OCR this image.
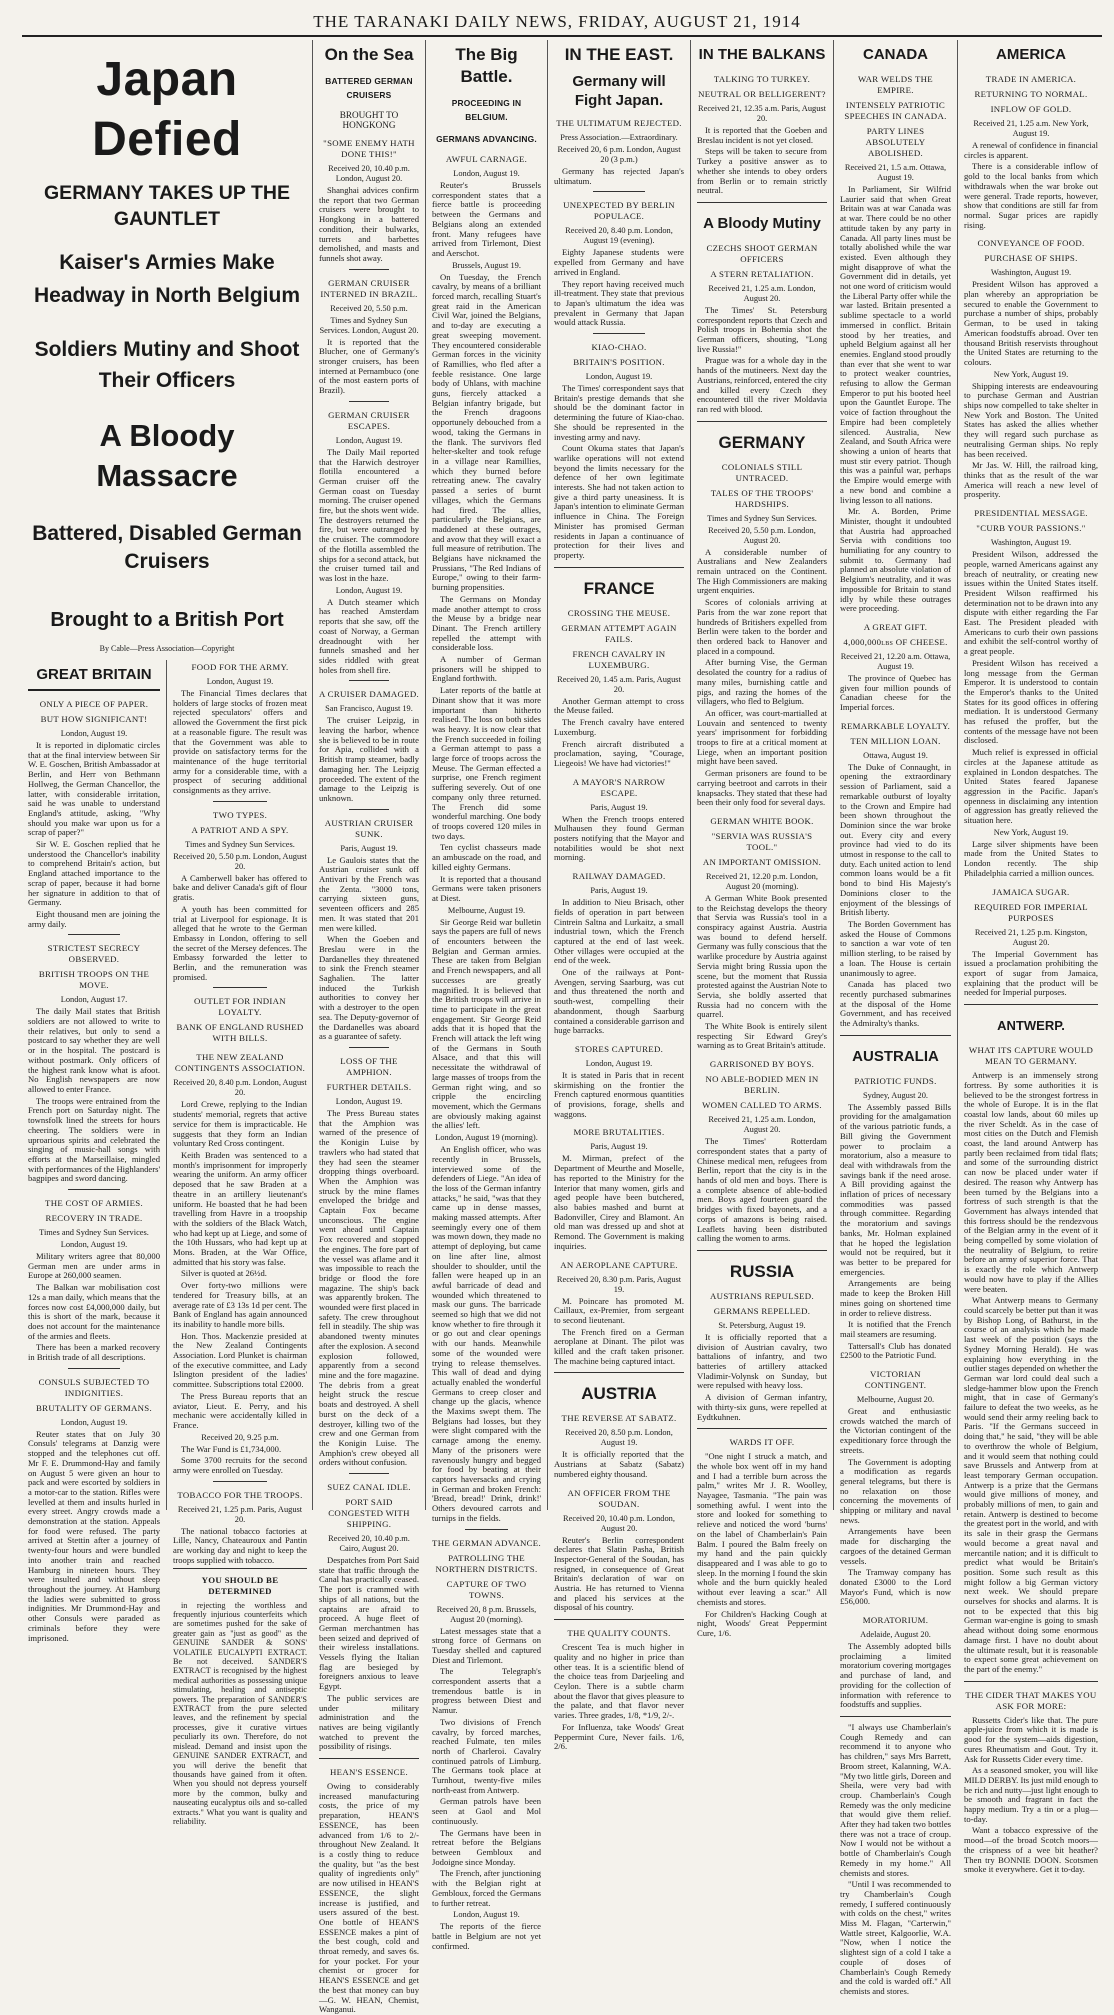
THE TARANAKI DAILY NEWS, FRIDAY, AUGUST 21, 1914
Japan Defied
GERMANY TAKES UP THE GAUNTLET
Kaiser's Armies Make Headway in North Belgium
Soldiers Mutiny and Shoot Their Officers
A Bloody Massacre
Battered, Disabled German Cruisers
Brought to a British Port
By Cable—Press Association—Copyright
GREAT BRITAIN
ONLY A PIECE OF PAPER.
BUT HOW SIGNIFICANT!
London, August 19.

It is reported in diplomatic circles that at the final interview between Sir W. E. Goschen, British Ambassador at Berlin, and Herr von Bethmann Hollweg, the German Chancellor, the latter, with considerable irritation, said he was unable to understand England's attitude, asking, "Why should you make war upon us for a scrap of paper?"

Sir W. E. Goschen replied that he understood the Chancellor's inability to comprehend Britain's action, but England attached importance to the scrap of paper, because it had borne her signature in addition to that of Germany.

Eight thousand men are joining the army daily.

STRICTEST SECRECY OBSERVED.
BRITISH TROOPS ON THE MOVE.
London, August 17.

The daily Mail states that British soldiers are not allowed to write to their relatives, but only to send a postcard to say whether they are well or in the hospital. The postcard is without postmark. Only officers of the highest rank know what is afoot. No English newspapers are now allowed to enter France.

The troops were entrained from the French port on Saturday night. The townsfolk lined the streets for hours cheering. The soldiers were in uproarious spirits and celebrated the singing of music-hall songs with efforts at the Marseillaise, mingled with performances of the Highlanders' bagpipes and sword dancing.

THE COST OF ARMIES.
RECOVERY IN TRADE.
Times and Sydney Sun Services.
London, August 19.

Military writers agree that 80,000 German men are under arms in Europe at 260,000 seamen.

The Balkan war mobilisation cost 12s a man daily, which means that the forces now cost £4,000,000 daily, but this is short of the mark, because it does not account for the maintenance of the armies and fleets.

There has been a marked recovery in British trade of all descriptions.

CONSULS SUBJECTED TO INDIGNITIES.
BRUTALITY OF GERMANS.
London, August 19.

Reuter states that on July 30 Consuls' telegrams at Danzig were stopped and the telephones cut off. Mr F. E. Drummond-Hay and family on August 5 were given an hour to pack and were escorted by soldiers in a motor-car to the station. Rifles were levelled at them and insults hurled in every street. Angry crowds made a demonstration at the station. Appeals for food were refused. The party arrived at Stettin after a journey of twenty-four hours and were bundled into another train and reached Hamburg in nineteen hours. They were insulted and without sleep throughout the journey. At Hamburg the ladies were submitted to gross indignities. Mr Drummond-Hay and other Consuls were paraded as criminals before they were imprisoned.

FOOD FOR THE ARMY.
London, August 19.

The Financial Times declares that holders of large stocks of frozen meat rejected speculators' offers and allowed the Government the first pick at a reasonable figure. The result was that the Government was able to provide on satisfactory terms for the maintenance of the huge territorial army for a considerable time, with a prospect of securing additional consignments as they arrive.

TWO TYPES.
A PATRIOT AND A SPY.
Times and Sydney Sun Services.
Received 20, 5.50 p.m. London, August 20.

A Camberwell baker has offered to bake and deliver Canada's gift of flour gratis.

A youth has been committed for trial at Liverpool for espionage. It is alleged that he wrote to the German Embassy in London, offering to sell the secret of the Mersey defences. The Embassy forwarded the letter to Berlin, and the remuneration was promised.

OUTLET FOR INDIAN LOYALTY.
BANK OF ENGLAND RUSHED WITH BILLS.
THE NEW ZEALAND CONTINGENTS ASSOCIATION.
Received 20, 8.40 p.m. London, August 20.

Lord Crewe, replying to the Indian students' memorial, regrets that active service for them is impracticable. He suggests that they form an Indian voluntary Red Cross contingent.

Keith Braden was sentenced to a month's imprisonment for improperly wearing the uniform. An army officer deposed that he saw Braden at a theatre in an artillery lieutenant's uniform. He boasted that he had been travelling from Havre in a troopship with the soldiers of the Black Watch, who had kept up at Liege, and some of the 10th Hussars, who had kept up at Mons. Braden, at the War Office, admitted that his story was false.

Silver is quoted at 26½d.

Over forty-two millions were tendered for Treasury bills, at an average rate of £3 13s 1d per cent. The Bank of England has again announced its inability to handle more bills.

Hon. Thos. Mackenzie presided at the New Zealand Contingents Association. Lord Plunket is chairman of the executive committee, and Lady Islington president of the ladies' committee. Subscriptions total £2000.

The Press Bureau reports that an aviator, Lieut. E. Perry, and his mechanic were accidentally killed in France.

Received 20, 9.25 p.m.

The War Fund is £1,734,000.

Some 3700 recruits for the second army were enrolled on Tuesday.

TOBACCO FOR THE TROOPS.
Received 21, 1.25 p.m. Paris, August 20.

The national tobacco factories at Lille, Nancy, Chateauroux and Pantin are working day and night to keep the troops supplied with tobacco.

YOU SHOULD BE DETERMINED

in rejecting the worthless and frequently injurious counterfeits which are sometimes pushed for the sake of greater gain as "just as good" as the GENUINE SANDER & SONS' VOLATILE EUCALYPTI EXTRACT. Be not deceived. SANDER'S EXTRACT is recognised by the highest medical authorities as possessing unique stimulating, healing and antiseptic powers. The preparation of SANDER'S EXTRACT from the pure selected leaves, and the refinement by special processes, give it curative virtues peculiarly its own. Therefore, do not mislead. Demand and insist upon the GENUINE SANDER EXTRACT, and you will derive the benefit that thousands have gained from it often. When you should not depress yourself more by the common, bulky and nauseating eucalyptus oils and so-called extracts." What you want is quality and reliability.

On the Sea
BATTERED GERMAN CRUISERS
BROUGHT TO HONGKONG
"SOME ENEMY HATH DONE THIS!"
Received 20, 10.40 p.m. London, August 20.

Shanghai advices confirm the report that two German cruisers were brought to Hongkong in a battered condition, their bulwarks, turrets and barbettes demolished, and masts and funnels shot away.

GERMAN CRUISER INTERNED IN BRAZIL.
Received 20, 5.50 p.m.
Times and Sydney Sun Services. London, August 20.

It is reported that the Blucher, one of Germany's stronger cruisers, has been interned at Pernambuco (one of the most eastern ports of Brazil).

GERMAN CRUISER ESCAPES.
London, August 19.

The Daily Mail reported that the Harwich destroyer flotilla encountered a German cruiser off the German coast on Tuesday morning. The cruiser opened fire, but the shots went wide. The destroyers returned the fire, but were outranged by the cruiser. The commodore of the flotilla assembled the ships for a second attack, but the cruiser turned tail and was lost in the haze.

London, August 19.

A Dutch steamer which has reached Amsterdam reports that she saw, off the coast of Norway, a German dreadnought with her funnels smashed and her sides riddled with great holes from shell fire.

A CRUISER DAMAGED.
San Francisco, August 19.

The cruiser Leipzig, in leaving the harbor, whence she is believed to be in route for Apia, collided with a British tramp steamer, badly damaging her. The Leipzig proceeded. The extent of the damage to the Leipzig is unknown.

AUSTRIAN CRUISER SUNK.
Paris, August 19.

Le Gaulois states that the Austrian cruiser sunk off Antivari by the French was the Zenta. "3000 tons, carrying sixteen guns, seventeen officers and 285 men. It was stated that 201 men were killed.

When the Goeben and Breslau were in the Dardanelles they threatened to sink the French steamer Saghalien. The latter induced the Turkish authorities to convey her with a destroyer to the open sea. The Deputy-governor of the Dardanelles was aboard as a guarantee of safety.

LOSS OF THE AMPHION.
FURTHER DETAILS.
London, August 19.

The Press Bureau states that the Amphion was warned of the presence of the Konigin Luise by trawlers who had stated that they had seen the steamer dropping things overboard. When the Amphion was struck by the mine flames enveloped the bridge and Captain Fox became unconscious. The engine went ahead until Captain Fox recovered and stopped the engines. The fore part of the vessel was aflame and it was impossible to reach the bridge or flood the fore magazine. The ship's back was apparently broken. The wounded were first placed in safety. The crew throughout fell in steadily. The ship was abandoned twenty minutes after the explosion. A second explosion followed, apparently from a second mine and the fore magazine. The debris from a great height struck the rescue boats and destroyed. A shell burst on the deck of a destroyer, killing two of the crew and one German from the Konigin Luise. The Amphion's crew obeyed all orders without confusion.

SUEZ CANAL IDLE.
PORT SAID CONGESTED WITH SHIPPING.
Received 20, 10.40 p.m. Cairo, August 20.

Despatches from Port Said state that traffic through the Canal has practically ceased. The port is crammed with ships of all nations, but the captains are afraid to proceed. A huge fleet of German merchantmen has been seized and deprived of their wireless installations. Vessels flying the Italian flag are besieged by foreigners anxious to leave Egypt.

The public services are under military administration and the natives are being vigilantly watched to prevent the possibility of risings.

HEAN'S ESSENCE.

Owing to considerably increased manufacturing costs, the price of my preparation, HEAN'S ESSENCE, has been advanced from 1/6 to 2/- throughout New Zealand. It is a costly thing to reduce the quality, but "as the best quality of ingredients only" are now utilised in HEAN'S ESSENCE, the slight increase is justified, and users assured of the best. One bottle of HEAN'S ESSENCE makes a pint of the best cough, cold and throat remedy, and saves 6s. for your pocket. For your chemist or grocer for HEAN'S ESSENCE and get the best that money can buy—G. W. HEAN, Chemist, Wanganui.

The Big Battle.
PROCEEDING IN BELGIUM.
GERMANS ADVANCING.
AWFUL CARNAGE.
London, August 19.

Reuter's Brussels correspondent states that a fierce battle is proceeding between the Germans and Belgians along an extended front. Many refugees have arrived from Tirlemont, Diest and Aerschot.

Brussels, August 19.

On Tuesday, the French cavalry, by means of a brilliant forced march, recalling Stuart's great raid in the American Civil War, joined the Belgians, and to-day are executing a great sweeping movement. They encountered considerable German forces in the vicinity of Ramillies, who fled after a feeble resistance. One large body of Uhlans, with machine guns, fiercely attacked a Belgian infantry brigade, but the French dragoons opportunely debouched from a wood, taking the Germans in the flank. The survivors fled helter-skelter and took refuge in a village near Ramillies, which they burned before retreating anew. The cavalry passed a series of burnt villages, which the Germans had fired. The allies, particularly the Belgians, are maddened at these outrages, and avow that they will exact a full measure of retribution. The Belgians have nicknamed the Prussians, "The Red Indians of Europe," owing to their farm-burning propensities.

The Germans on Monday made another attempt to cross the Meuse by a bridge near Dinant. The French artillery repelled the attempt with considerable loss.

A number of German prisoners will be shipped to England forthwith.

Later reports of the battle at Dinant show that it was more important than hitherto realised. The loss on both sides was heavy. It is now clear that the French succeeded in foiling a German attempt to pass a large force of troops across the Meuse. The German effected a surprise, one French regiment suffering severely. Out of one company only three returned. The French did some wonderful marching. One body of troops covered 120 miles in two days.

Ten cyclist chasseurs made an ambuscade on the road, and killed eighty Germans.

It is reported that a thousand Germans were taken prisoners at Diest.

Melbourne, August 19.

Sir George Reid war bulletin says the papers are full of news of encounters between the Belgian and German armies. These are taken from Belgian and French newspapers, and all successes are greatly magnified. It is believed that the British troops will arrive in time to participate in the great engagement. Sir George Reid adds that it is hoped that the French will attack the left wing of the Germans in South Alsace, and that this will necessitate the withdrawal of large masses of troops from the German right wing, and so cripple the encircling movement, which the Germans are obviously making against the allies' left.

London, August 19 (morning).

An English officer, who was recently in Brussels, interviewed some of the defenders of Liege. "An idea of the loss of the German infantry attacks," he said, "was that they came up in dense masses, making massed attempts. After seemingly every one of them was mown down, they made no attempt of deploying, but came on line after line, almost shoulder to shoulder, until the fallen were heaped up in an awful barricade of dead and wounded which threatened to mask our guns. The barricade seemed so high that we did not know whether to fire through it or go out and clear openings with our hands. Meanwhile some of the wounded were trying to release themselves. This wall of dead and dying actually enabled the wonderful Germans to creep closer and change up the glacis, whence the Maxims swept them. The Belgians had losses, but they were slight compared with the carnage among the enemy. Many of the prisoners were ravenously hungry and begged for food by beating at their captors haversacks and crying in German and broken French: 'Bread, bread!' Drink, drink!' Others devoured carrots and turnips in the fields.

THE GERMAN ADVANCE.
PATROLLING THE NORTHERN DISTRICTS.
CAPTURE OF TWO TOWNS.
Received 20, 8 p.m. Brussels, August 20 (morning).

Latest messages state that a strong force of Germans on Tuesday shelled and captured Diest and Tirlemont.

The Telegraph's correspondent asserts that a tremendous battle is in progress between Diest and Namur.

Two divisions of French cavalry, by forced marches, reached Fulmate, ten miles north of Charleroi. Cavalry continued patrols of Limburg. The Germans took place at Turnhout, twenty-five miles north-east from Antwerp.

German patrols have been seen at Gaol and Mol continuously.

The Germans have been in retreat before the Belgians between Gembloux and Jodoigne since Monday.

The French, after junctioning with the Belgian right at Gembloux, forced the Germans to further retreat.

London, August 19.

The reports of the fierce battle in Belgium are not yet confirmed.

IN THE EAST.
Germany will Fight Japan.
THE ULTIMATUM REJECTED.
Press Association.—Extraordinary.
Received 20, 6 p.m. London, August 20 (3 p.m.)

Germany has rejected Japan's ultimatum.

UNEXPECTED BY BERLIN POPULACE.
Received 20, 8.40 p.m. London, August 19 (evening).

Eighty Japanese students were expelled from Germany and have arrived in England.

They report having received much ill-treatment. They state that previous to Japan's ultimatum the idea was prevalent in Germany that Japan would attack Russia.

KIAO-CHAO.
BRITAIN'S POSITION.
London, August 19.

The Times' correspondent says that Britain's prestige demands that she should be the dominant factor in determining the future of Kiao-chao. She should be represented in the investing army and navy.

Count Okuma states that Japan's warlike operations will not extend beyond the limits necessary for the defence of her own legitimate interests. She had not taken action to give a third party uneasiness. It is Japan's intention to eliminate German influence in China. The Foreign Minister has promised German residents in Japan a continuance of protection for their lives and property.

FRANCE
CROSSING THE MEUSE.
GERMAN ATTEMPT AGAIN FAILS.
FRENCH CAVALRY IN LUXEMBURG.
Received 20, 1.45 a.m. Paris, August 20.

Another German attempt to cross the Meuse failed.

The French cavalry have entered Luxemburg.

French aircraft distributed a proclamation, saying, "Courage, Liegeois! We have had victories!"

A MAYOR'S NARROW ESCAPE.
Paris, August 19.

When the French troops entered Mulhausen they found German posters notifying that the Mayor and notabilities would be shot next morning.

RAILWAY DAMAGED.
Paris, August 19.

In addition to Nieu Brisach, other fields of operation in part between Cintrein Saltna and Lurkaitz, a small industrial town, which the French captured at the end of last week. Other villages were occupied at the end of the week.

One of the railways at Pont-Avengen, serving Saarburg, was cut and thus threatened the north and south-west, compelling their abandonment, though Saarburg contained a considerable garrison and huge barracks.

STORES CAPTURED.
London, August 19.

It is stated in Paris that in recent skirmishing on the frontier the French captured enormous quantities of provisions, forage, shells and waggons.

MORE BRUTALITIES.
Paris, August 19.

M. Mirman, prefect of the Department of Meurthe and Moselle, has reported to the Ministry for the Interior that many women, girls and aged people have been butchered, also babies mashed and burnt at Badonviller, Cirey and Blamont. An old man was dressed up and shot at Remond. The Government is making inquiries.

AN AEROPLANE CAPTURE.
Received 20, 8.30 p.m. Paris, August 19.

M. Poincare has promoted M. Caillaux, ex-Premier, from sergeant to second lieutenant.

The French fired on a German aeroplane at Dinant. The pilot was killed and the craft taken prisoner. The machine being captured intact.

AUSTRIA
THE REVERSE AT SABATZ.
Received 20, 8.50 p.m. London, August 19.

It is officially reported that the Austrians at Sabatz (Sabatz) numbered eighty thousand.

AN OFFICER FROM THE SOUDAN.
Received 20, 10.40 p.m. London, August 20.

Reuter's Berlin correspondent declares that Slatin Pasha, British Inspector-General of the Soudan, has resigned, in consequence of Great Britain's declaration of war on Austria. He has returned to Vienna and placed his services at the disposal of his country.

THE QUALITY COUNTS.

Crescent Tea is much higher in quality and no higher in price than other teas. It is a scientific blend of the choice teas from Darjeeling and Ceylon. There is a subtle charm about the flavor that gives pleasure to the palate, and that flavor never varies. Three grades, 1/8, *1/9, 2/-.

For Influenza, take Woods' Great Peppermint Cure, Never fails. 1/6, 2/6.

IN THE BALKANS
TALKING TO TURKEY.
NEUTRAL OR BELLIGERENT?
Received 21, 12.35 a.m. Paris, August 20.

It is reported that the Goeben and Breslau incident is not yet closed.

Steps will be taken to secure from Turkey a positive answer as to whether she intends to obey orders from Berlin or to remain strictly neutral.

A Bloody Mutiny
CZECHS SHOOT GERMAN OFFICERS
A STERN RETALIATION.
Received 21, 1.25 a.m. London, August 20.

The Times' St. Petersburg correspondent reports that Czech and Polish troops in Bohemia shot the German officers, shouting, "Long live Russia!"

Prague was for a whole day in the hands of the mutineers. Next day the Austrians, reinforced, entered the city and killed every Czech they encountered till the river Moldavia ran red with blood.

GERMANY
COLONIALS STILL UNTRACED.
TALES OF THE TROOPS' HARDSHIPS.
Times and Sydney Sun Services.
Received 20, 5.50 p.m. London, August 20.

A considerable number of Australians and New Zealanders remain untraced on the Continent. The High Commissioners are making urgent enquiries.

Scores of colonials arriving at Paris from the war zone report that hundreds of Britishers expelled from Berlin were taken to the border and then ordered back to Hanover and placed in a compound.

After burning Vise, the German desolated the country for a radius of many miles, burnishing cattle and pigs, and razing the homes of the villagers, who fled to Belgium.

An officer, was court-martialled at Louvain and sentenced to twenty years' imprisonment for forbidding troops to fire at a critical moment at Liege, when an important position might have been saved.

German prisoners are found to be carrying beetroot and carrots in their knapsacks. They stated that these had been their only food for several days.

GERMAN WHITE BOOK.
"SERVIA WAS RUSSIA'S TOOL."
AN IMPORTANT OMISSION.
Received 21, 12.20 p.m. London, August 20 (morning).

A German White Book presented to the Reichstag develops the theory that Servia was Russia's tool in a conspiracy against Austria. Austria was bound to defend herself. Germany was fully conscious that the warlike procedure by Austria against Servia might bring Russia upon the scene, but the moment that Russia protested against the Austrian Note to Servia, she boldly asserted that Russia had no concern with the quarrel.

The White Book is entirely silent respecting Sir Edward Grey's warning as to Great Britain's attitude.

GARRISONED BY BOYS.
NO ABLE-BODIED MEN IN BERLIN.
WOMEN CALLED TO ARMS.
Received 21, 1.25 a.m. London, August 20.

The Times' Rotterdam correspondent states that a party of Chinese medical men, refugees from Berlin, report that the city is in the hands of old men and boys. There is a complete absence of able-bodied men. Boys aged fourteen guard the bridges with fixed bayonets, and a corps of amazons is being raised. Leaflets having been distributed calling the women to arms.

RUSSIA
AUSTRIANS REPULSED.
GERMANS REPELLED.
St. Petersburg, August 19.

It is officially reported that a division of Austrian cavalry, two battalions of infantry, and two batteries of artillery attacked Vladimir-Volynsk on Sunday, but were repulsed with heavy loss.

A division of German infantry, with thirty-six guns, were repelled at Eydtkuhnen.

WARDS IT OFF.

"One night I struck a match, and the whole box went off in my hand and I had a terrible burn across the palm," writes Mr J. R. Woolley, Nayagee, Tasmania. "The pain was something awful. I went into the store and looked for something to relieve and noticed the word 'burns' on the label of Chamberlain's Pain Balm. I poured the Balm freely on my hand and the pain quickly disappeared and I was able to go to sleep. In the morning I found the skin whole and the burn quickly healed without ever leaving a scar." All chemists and stores.

For Children's Hacking Cough at night, Woods' Great Peppermint Cure, 1/6.

CANADA
WAR WELDS THE EMPIRE.
INTENSELY PATRIOTIC SPEECHES IN CANADA.
PARTY LINES ABSOLUTELY ABOLISHED.
Received 21, 1.5 a.m. Ottawa, August 19.

In Parliament, Sir Wilfrid Laurier said that when Great Britain was at war Canada was at war. There could be no other attitude taken by any party in Canada. All party lines must be totally abolished while the war existed. Even although they might disapprove of what the Government did in details, yet not one word of criticism would the Liberal Party offer while the war lasted. Britain presented a sublime spectacle to a world immersed in conflict. Britain stood by her treaties, and upheld Belgium against all her enemies. England stood proudly than ever that she went to war to protect weaker countries, refusing to allow the German Emperor to put his booted heel upon the Gauntlet Europe. The voice of faction throughout the Empire had been completely silenced. Australia, New Zealand, and South Africa were showing a union of hearts that must stir every patriot. Though this was a painful war, perhaps the Empire would emerge with a new bond and combine a living lesson to all nations.

Mr. A. Borden, Prime Minister, thought it undoubted that Austria had approached Servia with conditions too humiliating for any country to submit to. Germany had planned an absolute violation of Belgium's neutrality, and it was impossible for Britain to stand idly by while these outrages were proceeding.

A GREAT GIFT.
4,000,000lbs OF CHEESE.
Received 21, 12.20 a.m. Ottawa, August 19.

The province of Quebec has given four million pounds of Canadian cheese for the Imperial forces.

REMARKABLE LOYALTY.
TEN MILLION LOAN.
Ottawa, August 19.

The Duke of Connaught, in opening the extraordinary session of Parliament, said a remarkable outburst of loyalty to the Crown and Empire had been shown throughout the Dominion since the war broke out. Every city and every province had vied to do its utmost in response to the call to duty. Each united action to lend common loans would be a fit bond to bind His Majesty's Dominions closer to the enjoyment of the blessings of British liberty.

The Borden Government has asked the House of Commons to sanction a war vote of ten million sterling, to be raised by a loan. The House is certain unanimously to agree.

Canada has placed two recently purchased submarines at the disposal of the Home Government, and has received the Admiralty's thanks.

AUSTRALIA
PATRIOTIC FUNDS.
Sydney, August 20.

The Assembly passed Bills providing for the amalgamation of the various patriotic funds, a Bill giving the Government power to proclaim a moratorium, also a measure to deal with withdrawals from the savings bank if the need arose. A Bill providing against the inflation of prices of necessary commodities was passed through committee. Regarding the moratorium and savings banks, Mr. Holman explained that he hoped the legislation would not be required, but it was better to be prepared for emergencies.

Arrangements are being made to keep the Broken Hill mines going on shortened time in order to relieve distress.

It is notified that the French mail steamers are resuming.

Tattersall's Club has donated £2500 to the Patriotic Fund.

VICTORIAN CONTINGENT.
Melbourne, August 20.

Great and enthusiastic crowds watched the march of the Victorian contingent of the expeditionary force through the streets.

The Government is adopting a modification as regards general telegrams, but there is no relaxation on those concerning the movements of shipping or military and naval news.

Arrangements have been made for discharging the cargoes of the detained German vessels.

The Tramway company has donated £3000 to the Lord Mayor's Fund, which is now £56,000.

MORATORIUM.
Adelaide, August 20.

The Assembly adopted bills proclaiming a limited moratorium covering mortgages and purchase of land, and providing for the collection of information with reference to foodstuffs and supplies.

"I always use Chamberlain's Cough Remedy and can recommend it to anyone who has children," says Mrs Barrett, Broom street, Kalanning, W.A. "My two little girls, Doreen and Sheila, were very bad with croup. Chamberlain's Cough Remedy was the only medicine that would give them relief. After they had taken two bottles there was not a trace of croup. Now I would not be without a bottle of Chamberlain's Cough Remedy in my home." All chemists and stores.

"Until I was recommended to try Chamberlain's Cough remedy, I suffered continuously with colds on the chest," writes Miss M. Flagan, "Carterwin," Wattle street, Kalgoorlie, W.A. "Now, when I notice the slightest sign of a cold I take a couple of doses of Chamberlain's Cough Remedy and the cold is warded off." All chemists and stores.

AMERICA
TRADE IN AMERICA.
RETURNING TO NORMAL.
INFLOW OF GOLD.
Received 21, 1.25 a.m. New York, August 19.

A renewal of confidence in financial circles is apparent.

There is a considerable inflow of gold to the local banks from which withdrawals when the war broke out were general. Trade reports, however, show that conditions are still far from normal. Sugar prices are rapidly rising.

CONVEYANCE OF FOOD.
PURCHASE OF SHIPS.
Washington, August 19.

President Wilson has approved a plan whereby an appropriation be secured to enable the Government to purchase a number of ships, probably German, to be used in taking American foodstuffs abroad. Over ten thousand British reservists throughout the United States are returning to the colours.

New York, August 19.

Shipping interests are endeavouring to purchase German and Austrian ships now compelled to take shelter in New York and Boston. The United States has asked the allies whether they will regard such purchase as neutralising German ships. No reply has been received.

Mr Jas. W. Hill, the railroad king, thinks that as the result of the war America will reach a new level of prosperity.

PRESIDENTIAL MESSAGE.
"CURB YOUR PASSIONS."
Washington, August 19.

President Wilson, addressed the people, warned Americans against any breach of neutrality, or creating new issues within the United States itself. President Wilson reaffirmed his determination not to be drawn into any dispute with either regarding the Far East. The President pleaded with Americans to curb their own passions and exhibit the self-control worthy of a great people.

President Wilson has received a long message from the German Emperor. It is understood to contain the Emperor's thanks to the United States for its good offices in offering mediation. It is understood Germany has refused the proffer, but the contents of the message have not been disclosed.

Much relief is expressed in official circles at the Japanese attitude as explained in London despatches. The United States feared Japanese aggression in the Pacific. Japan's openness in disclaiming any intention of aggression has greatly relieved the situation here.

New York, August 19.

Large silver shipments have been made from the United States to London recently. The ship Philadelphia carried a million ounces.

JAMAICA SUGAR.
REQUIRED FOR IMPERIAL PURPOSES
Received 21, 1.25 p.m. Kingston, August 20.

The Imperial Government has issued a proclamation prohibiting the export of sugar from Jamaica, explaining that the product will be needed for Imperial purposes.

ANTWERP.
WHAT ITS CAPTURE WOULD MEAN TO GERMANY.

Antwerp is an immensely strong fortress. By some authorities it is believed to be the strongest fortress in the whole of Europe. It is in the flat coastal low lands, about 60 miles up the river Scheldt. As in the case of most cities on the Dutch and Flemish coast, the land around Antwerp has partly been reclaimed from tidal flats; and some of the surrounding district can now be placed under water if desired. The reason why Antwerp has been turned by the Belgians into a fortress of such strength is that the Government has always intended that this fortress should be the rendezvous of the Belgian army in the event of it being compelled by some violation of the neutrality of Belgium, to retire before an army of superior force. That is exactly the role which Antwerp would now have to play if the Allies were beaten.

What Antwerp means to Germany could scarcely be better put than it was by Bishop Long, of Bathurst, in the course of an analysis which he made last week of the position (says the Sydney Morning Herald). He was explaining how everything in the outlier stages depended on whether the German war lord could deal such a sledge-hammer blow upon the French might, that in case of Germany's failure to defeat the two weeks, as he would send their army reeling back to Paris. "If the Germans succeed in doing that," he said, "they will be able to overthrow the whole of Belgium, and it would seem that nothing could save Brussels and Antwerp from at least temporary German occupation. Antwerp is a prize that the Germans would give millions of money, and probably millions of men, to gain and retain. Antwerp is destined to become the greatest port in the world, and with its sale in their grasp the Germans would become a great naval and mercantile nation; and it is difficult to predict what would be Britain's position. Some such result as this might follow a big German victory next week. We should prepare ourselves for shocks and alarms. It is not to be expected that this big German war-engine is going to smash ahead without doing some enormous damage first. I have no doubt about the ultimate result, but it is reasonable to expect some great achievement on the part of the enemy."

THE CIDER THAT MAKES YOU ASK FOR MORE:

Russetts Cider's like that. The pure apple-juice from which it is made is good for the system—aids digestion, cures Rheumatism and Gout. Try it. Ask for Russetts Cider every time.

As a seasoned smoker, you will like MILD DERBY. Its just mild enough to be rich and nutty—just light enough to be smooth and fragrant in fact the happy medium. Try a tin or a plug—to-day.

Want a tobacco expressive of the mood—of the broad Scotch moors—the crispness of a wee bit heather? Then try BONNIE DOON. Scotsmen smoke it everywhere. Get it to-day.
